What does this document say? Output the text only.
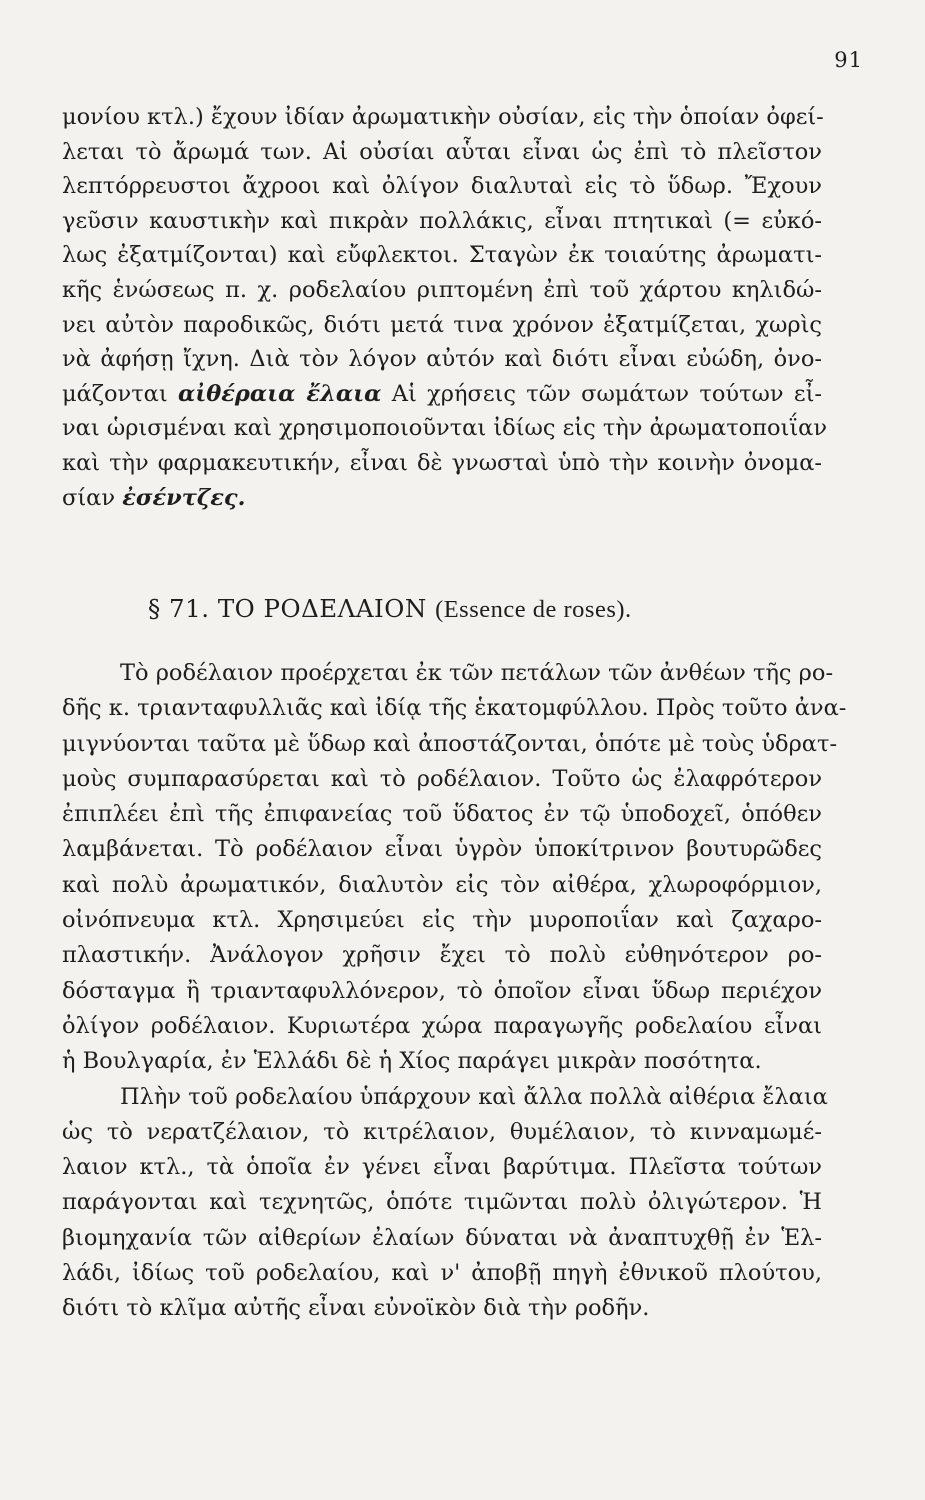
91
μονίου κτλ.) ἔχουν ἰδίαν ἀρωματικὴν οὐσίαν, εἰς τὴν ὁποίαν ὀφεί-
λεται τὸ ἄρωμά των. Αἱ οὐσίαι αὗται εἶναι ὡς ἐπὶ τὸ πλεῖστον
λεπτόρρευστοι ἄχροοι καὶ ὀλίγον διαλυταὶ εἰς τὸ ὕδωρ. Ἔχουν
γεῦσιν καυστικὴν καὶ πικρὰν πολλάκις, εἶναι πτητικαὶ (= εὐκό-
λως ἐξατμίζονται) καὶ εὔφλεκτοι. Σταγὼν ἐκ τοιαύτης ἀρωματι-
κῆς ἑνώσεως π. χ. ροδελαίου ριπτομένη ἐπὶ τοῦ χάρτου κηλιδώ-
νει αὐτὸν παροδικῶς, διότι μετά τινα χρόνον ἐξατμίζεται, χωρὶς
νὰ ἀφήσῃ ἴχνη. Διὰ τὸν λόγον αὐτόν καὶ διότι εἶναι εὐώδη, ὀνο-
μάζονται αἰθέραια ἔλαια Αἱ χρήσεις τῶν σωμάτων τούτων εἶ-
ναι ὡρισμέναι καὶ χρησιμοποιοῦνται ἰδίως εἰς τὴν ἀρωματοποιΐαν
καὶ τὴν φαρμακευτικήν, εἶναι δὲ γνωσταὶ ὑπὸ τὴν κοινὴν ὀνομα-
σίαν ἐσέντζες.
§ 71. ΤΟ ΡΟΔΕΛΑΙΟΝ (Essence de roses).
Τὸ ροδέλαιον προέρχεται ἐκ τῶν πετάλων τῶν ἀνθέων τῆς ρο-
δῆς κ. τριανταφυλλιᾶς καὶ ἰδίᾳ τῆς ἑκατομφύλλου. Πρὸς τοῦτο ἀνα-
μιγνύονται ταῦτα μὲ ὕδωρ καὶ ἀποστάζονται, ὁπότε μὲ τοὺς ὑδρατ-
μοὺς συμπαρασύρεται καὶ τὸ ροδέλαιον. Τοῦτο ὡς ἐλαφρότερον
ἐπιπλέει ἐπὶ τῆς ἐπιφανείας τοῦ ὕδατος ἐν τῷ ὑποδοχεῖ, ὁπόθεν
λαμβάνεται. Τὸ ροδέλαιον εἶναι ὑγρὸν ὑποκίτρινον βουτυρῶδες
καὶ πολὺ ἀρωματικόν, διαλυτὸν εἰς τὸν αἰθέρα, χλωροφόρμιον,
οἰνόπνευμα κτλ. Χρησιμεύει εἰς τὴν μυροποιΐαν καὶ ζαχαρο-
πλαστικήν. Ἀνάλογον χρῆσιν ἔχει τὸ πολὺ εὐθηνότερον ρο-
δόσταγμα ἢ τριανταφυλλόνερον, τὸ ὁποῖον εἶναι ὕδωρ περιέχον
ὀλίγον ροδέλαιον. Κυριωτέρα χώρα παραγωγῆς ροδελαίου εἶναι
ἡ Βουλγαρία, ἐν Ἑλλάδι δὲ ἡ Χίος παράγει μικρὰν ποσότητα.
Πλὴν τοῦ ροδελαίου ὑπάρχουν καὶ ἄλλα πολλὰ αἰθέρια ἔλαια
ὡς τὸ νερατζέλαιον, τὸ κιτρέλαιον, θυμέλαιον, τὸ κινναμωμέ-
λαιον κτλ., τὰ ὁποῖα ἐν γένει εἶναι βαρύτιμα. Πλεῖστα τούτων
παράγονται καὶ τεχνητῶς, ὁπότε τιμῶνται πολὺ ὀλιγώτερον. Ἡ
βιομηχανία τῶν αἰθερίων ἐλαίων δύναται νὰ ἀναπτυχθῇ ἐν Ἑλ-
λάδι, ἰδίως τοῦ ροδελαίου, καὶ ν' ἀποβῇ πηγὴ ἐθνικοῦ πλούτου,
διότι τὸ κλῖμα αὐτῆς εἶναι εὐνοϊκὸν διὰ τὴν ροδῆν.
